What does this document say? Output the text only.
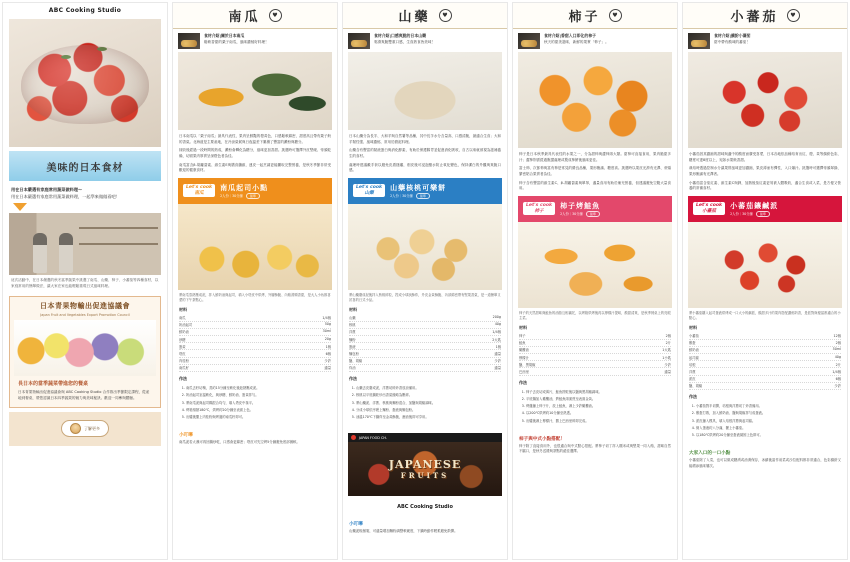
ABC Cooking Studio
美味的日本食材
用在日本嚴選有家庭常用蔬菜做料理～
用在日本嚴選有家庭常用蔬菜做料理，一起學來做做看吧！
這次活動中，在日本嚴選的秋冬當季蔬果中挑選了南瓜、山藥、柿子、小蕃茄等四種食材，以家庭常用的簡單做法，讓大家在家也能輕鬆重現日式風味料理。
日本青果物輸出促進協議會
Japan Fruit and Vegetables Export Promotion Council
長日本的當季蔬菜帶進您的餐桌
日本青果物輸出促進協議會與 ABC Cooking Studio 合作推出季節限定課程，從產地到餐桌，帶您認識日本四季蔬果的魅力與美味秘訣。歡迎一同參與體驗。
了解更多
南瓜	♥
食材介紹|關於日本南瓜
鬆軟香甜的栗子南瓜，風味濃郁好料理！

日本南瓜以「栗子南瓜」最具代表性，果肉呈鮮豔的橙黃色，口感鬆軟綿密，甜度高且帶有栗子般的香氣。北海道是主要產地，在冷涼氣候與日夜溫差下累積了豐富的澱粉與糖分。

採收後經過一段時間的熟成，澱粉會轉化為糖分，風味更加香甜。挑選時可選擇外皮堅硬、蒂頭乾燥、切面果肉厚實呈深橙色者為佳。

南瓜富含β-胡蘿蔔素、維生素E與膳食纖維，連皮一起烹調更能攝取完整營養，是秋冬季節非常受歡迎的健康食材。

Let's cook
南瓜
南瓜起司小點
2人份｜30分鐘	簡單
將南瓜蒸熟壓成泥，拌入鮮奶油與起司，填入小塔皮中烘烤，外層酥脆、內餡滑順香甜，是大人小孩都喜愛的下午茶點心。
材料
南瓜	1/4個
奶油起司	50g
鮮奶油	30ml
砂糖	20g
蛋黃	1個
塔皮	6個
肉桂粉	少許
南瓜籽	適量
作法
1. 南瓜去籽切塊，蒸約15分鐘至軟化後趁熱壓成泥。
2. 奶油起司室溫軟化，與砂糖、鮮奶油、蛋黃拌勻。
3. 將南瓜泥與起司糊混合均勻，填入塔皮中抹平。
4. 烤箱預熱180℃，烘烤約20分鐘至表面上色。
5. 出爐後撒上肉桂粉與烤過的南瓜籽即可。
小叮嚀
南瓜泥若太濕可再回鍋炒乾，口感會更綿密；塔皮可先空烤5分鐘避免底部濕軟。
山藥	♥
食材介紹|口感爽脆的日本山藥
黏滑爽脆雙重口感，生食熟食皆美味！

日本山藥分為長芋、大和芋與自然薯等品種，其中長芋水分含量高、口感清脆，最適合生食；大和芋黏性強、風味濃郁，常用於磨泥料理。

山藥含有豐富的黏液蛋白與消化酵素，有助於保護腸胃並促進消化吸收，自古以來就被視為滋補養生的食材。

處理時建議戴手套以避免皮膚搔癢，削皮後可浸泡醋水防止氧化變色，保持潔白的外觀與爽脆口感。

Let's cook
山藥
山藥核桃可樂餅
2人份｜30分鐘	簡單
將山藥磨成泥後拌入核桃碎粒，捏成小球狀酥炸，外皮金黃酥脆、內部綿密帶有堅果香氣，是一道簡單又討喜的日式小品。
材料
山藥	200g
核桃	40g
洋蔥	1/4個
麵粉	2大匙
蛋液	1個
麵包粉	適量
鹽、胡椒	少許
炸油	適量
作法
1. 山藥去皮磨成泥，洋蔥切碎炒香放涼備用。
2. 核桃以平底鍋乾炒出香氣後略為壓碎。
3. 將山藥泥、洋蔥、核桃與麵粉混合，加鹽與胡椒調味。
4. 分成小球依序裹上麵粉、蛋液與麵包粉。
5. 油溫170℃下鍋炸至金黃酥脆，瀝油後即可享用。
JAPAN FOOD CH.
JAPANESE
FRUITS
ABC Cooking Studio
小叮嚀
山藥泥較濕黏，可適量增加麵粉調整軟硬度，下鍋時動作輕柔避免散開。
柿子	♥
食材介紹|香甜入口即化的柿子
秋天的甜美滋味，新鮮的果實「柿子」。

柿子是日本秋季最具代表性的水果之一，分為甜柿與澀柿兩大類。甜柿可直接食用，果肉脆甜多汁；澀柿則需經過脫澀處理或製成柿餅後風味更佳。

富士柿、次郎柿與富有柿是常見的優良品種，果形飽滿、糖度高。挑選時以果皮光滑有光澤、蒂頭緊密貼合果實者為佳。

柿子含有豐富的維生素C、β-胡蘿蔔素與單寧，適量食用有助於補充營養，但建議避免空腹大量食用。

Let's cook
柿子
柿子烤鮭魚
2人份｜30分鐘	簡單
柿子的天然甜味與鮭魚的油脂互相襯托，以烤箱烘烤後再以檸檬汁提味，酸甜清爽，是秋季餐桌上的亮眼主菜。
材料
柿子	2個
鮭魚	2片
橄欖油	1大匙
檸檬汁	1小匙
鹽、黑胡椒	少許
巴西里	適量
作法
1. 柿子去皮切成薄片，鮭魚擦乾後以鹽與黑胡椒調味。
2. 平底鍋加入橄欖油，將鮭魚兩面煎至表面金黃。
3. 烤盤鋪上柿子片，放上鮭魚，淋上少許橄欖油。
4. 以200℃烘烤約10分鐘至熟透。
5. 出爐後淋上檸檬汁，撒上巴西里碎即完成。
柿子與中式小點搭配！
柿子除了直接食用外，也很適合與中式點心搭配。將柿子切丁拌入糯米或與堅果一同入餡，甜味自然不膩口，是秋冬送禮與茶點的絕佳選擇。
小蕃茄	♥
食材介紹|繽紛小蕃茄
甜中帶有酸味的蕃茄！

小蕃茄因其濃縮的甜味與適中的酸度而廣受喜愛，日本各地依品種培育出紅、橙、黃等繽紛色彩，糖度可達8度以上，宛如水果般香甜。

栽培時透過控制水分讓果實風味更加濃縮，果皮薄而有彈性，入口爆汁。挑選時可選擇蒂頭翠綠、果形飽滿有光澤者。

小蕃茄富含茄紅素、維生素C與鉀，加熱後茄紅素更易被人體吸收，適合生食或入菜，是方便又營養的常備食材。

Let's cook
小蕃茄
小蕃茄鑲鹹派
2人份｜30分鐘	簡單
將小蕃茄鑲入起司蛋液烘烤成一口大小的鹹派，酸甜多汁的果肉搭配濃郁奶香，是派對與便當都適合的小點心。
材料
小蕃茄	12個
雞蛋	2個
鮮奶油	50ml
起司絲	40g
培根	2片
洋蔥	1/4個
派皮	6個
鹽、胡椒	少許
作法
1. 小蕃茄對半切開，培根與洋蔥切丁炒香備用。
2. 雞蛋打散，加入鮮奶油、鹽與胡椒拌勻成蛋液。
3. 派皮鋪入模具，填入培根洋蔥與起司絲。
4. 倒入蛋液約八分滿，擺上小蕃茄。
5. 以180℃烘烤約20分鐘至蛋液凝固上色即可。
大家入口的一口小點
小蕃茄除了入菜，也可以做成糖漬或油漬保存，冰鎮後當作前菜或沙拉配料都非常適合，色彩繽紛又能增添風味層次。
